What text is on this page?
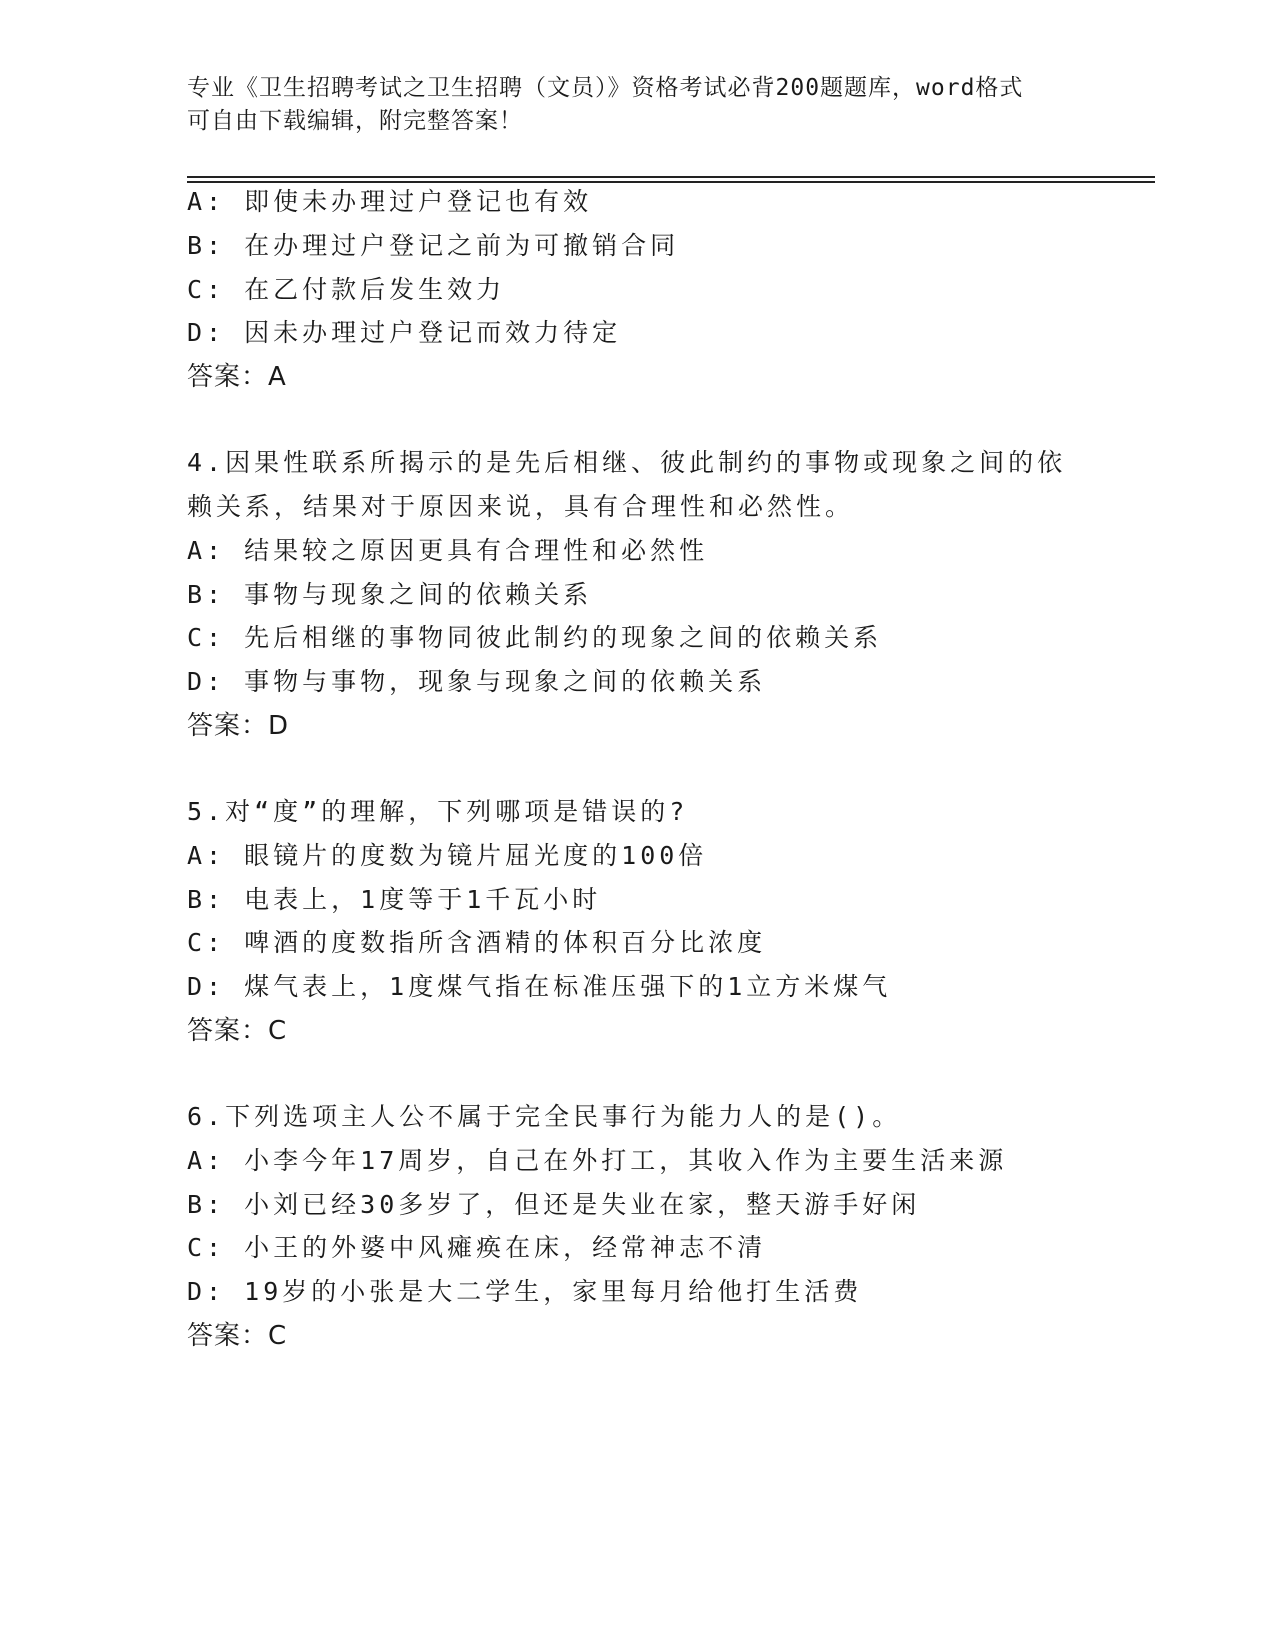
专业《卫生招聘考试之卫生招聘（文员）》资格考试必背200题题库，word格式
可自由下载编辑，附完整答案！
A: 即使未办理过户登记也有效
B: 在办理过户登记之前为可撤销合同
C: 在乙付款后发生效力
D: 因未办理过户登记而效力待定
答案：A
4.因果性联系所揭示的是先后相继、彼此制约的事物或现象之间的依
赖关系，结果对于原因来说，具有合理性和必然性。
A: 结果较之原因更具有合理性和必然性
B: 事物与现象之间的依赖关系
C: 先后相继的事物同彼此制约的现象之间的依赖关系
D: 事物与事物，现象与现象之间的依赖关系
答案：D
5.对“度”的理解，下列哪项是错误的?
A: 眼镜片的度数为镜片屈光度的100倍
B: 电表上，1度等于1千瓦小时
C: 啤酒的度数指所含酒精的体积百分比浓度
D: 煤气表上，1度煤气指在标准压强下的1立方米煤气
答案：C
6.下列选项主人公不属于完全民事行为能力人的是()。
A: 小李今年17周岁，自己在外打工，其收入作为主要生活来源
B: 小刘已经30多岁了，但还是失业在家，整天游手好闲
C: 小王的外婆中风瘫痪在床，经常神志不清
D: 19岁的小张是大二学生，家里每月给他打生活费
答案：C
